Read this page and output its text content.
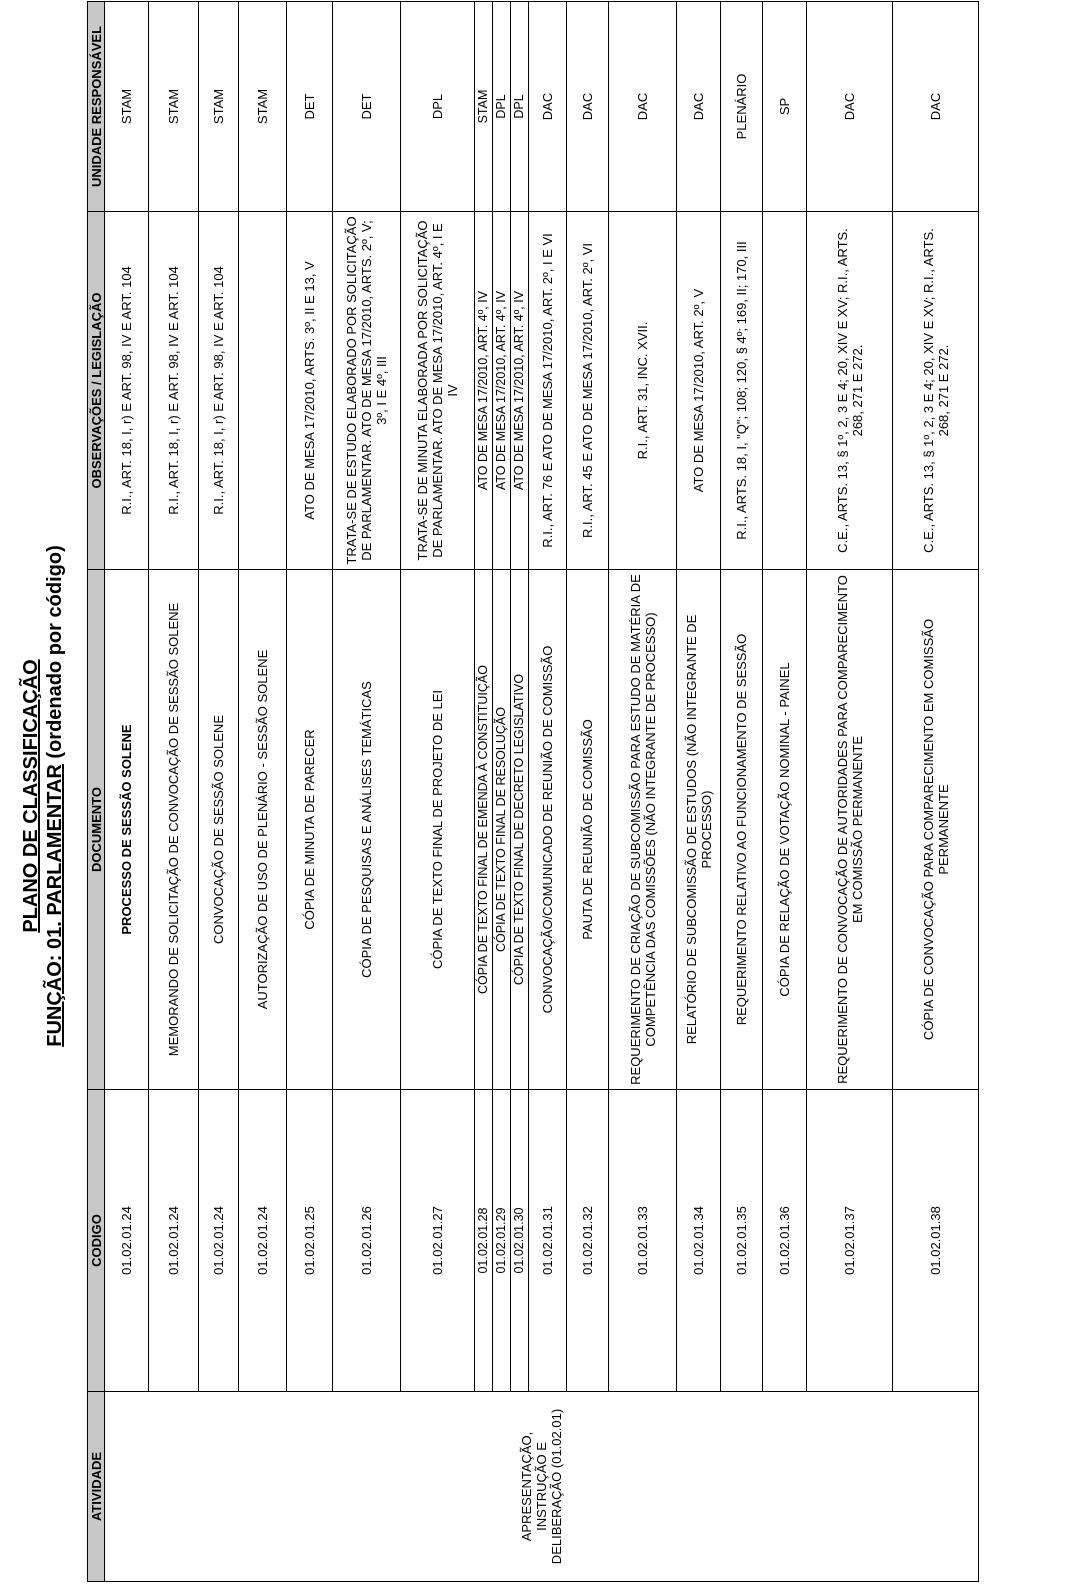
PLANO DE CLASSIFICAÇÃO FUNÇÃO: 01. PARLAMENTAR (ordenado por código)
ATIVIDADE	CODIGO	DOCUMENTO	OBSERVAÇÕES / LEGISLAÇÃO	UNIDADE RESPONSÁVEL
APRESENTAÇÃO, INSTRUÇÃO E DELIBERAÇÃO (01.02.01)	01.02.01.24	PROCESSO DE SESSÃO SOLENE	R.I., ART. 18, I, r) E ART. 98, IV E ART. 104	STAM
	01.02.01.24	MEMORANDO DE SOLICITAÇÃO DE CONVOCAÇÃO DE SESSÃO SOLENE	R.I., ART. 18, I, r) E ART. 98, IV E ART. 104	STAM
	01.02.01.24	CONVOCAÇÃO DE SESSÃO SOLENE	R.I., ART. 18, I, r) E ART. 98, IV E ART. 104	STAM
	01.02.01.24	AUTORIZAÇÃO DE USO DE PLENÁRIO - SESSÃO SOLENE		STAM
	01.02.01.25	CÓPIA DE MINUTA DE PARECER	ATO DE MESA 17/2010, ARTS. 3º, II E 13, V	DET
	01.02.01.26	CÓPIA DE PESQUISAS E ANÁLISES TEMÁTICAS	TRATA-SE DE ESTUDO ELABORADO POR SOLICITAÇÃO DE PARLAMENTAR. ATO DE MESA 17/2010, ARTS. 2º, V; 3º, I E 4º, III	DET
	01.02.01.27	CÓPIA DE TEXTO FINAL DE PROJETO DE LEI	TRATA-SE DE MINUTA ELABORADA POR SOLICITAÇÃO DE PARLAMENTAR. ATO DE MESA 17/2010, ART. 4º, I E IV	DPL
	01.02.01.28	CÓPIA DE TEXTO FINAL DE EMENDA À CONSTITUIÇÃO	ATO DE MESA 17/2010, ART. 4º, IV	STAM
	01.02.01.29	CÓPIA DE TEXTO FINAL DE RESOLUÇÃO	ATO DE MESA 17/2010, ART. 4º, IV	DPL
	01.02.01.30	CÓPIA DE TEXTO FINAL DE DECRETO LEGISLATIVO	ATO DE MESA 17/2010, ART. 4º, IV	DPL
	01.02.01.31	CONVOCAÇÃO/COMUNICADO DE REUNIÃO DE COMISSÃO	R.I., ART. 76 E ATO DE MESA 17/2010, ART. 2º, I E VI	DAC
	01.02.01.32	PAUTA DE REUNIÃO DE COMISSÃO	R.I., ART. 45 E ATO DE MESA 17/2010, ART. 2º, VI	DAC
	01.02.01.33	REQUERIMENTO DE CRIAÇÃO DE SUBCOMISSÃO PARA ESTUDO DE MATÉRIA DE COMPETÊNCIA DAS COMISSÕES (NÃO INTEGRANTE DE PROCESSO)	R.I., ART. 31, INC. XVII.	DAC
	01.02.01.34	RELATÓRIO DE SUBCOMISSÃO DE ESTUDOS (NÃO INTEGRANTE DE PROCESSO)	ATO DE MESA 17/2010, ART. 2º, V	DAC
	01.02.01.35	REQUERIMENTO RELATIVO AO FUNCIONAMENTO DE SESSÃO	R.I., ARTS. 18, I, "Q"; 108; 120, § 4º; 169, II; 170, III	PLENÁRIO
	01.02.01.36	CÓPIA DE RELAÇÃO DE VOTAÇÃO NOMINAL - PAINEL		SP
	01.02.01.37	REQUERIMENTO DE CONVOCAÇÃO DE AUTORIDADES PARA COMPARECIMENTO EM COMISSÃO PERMANENTE	C.E., ARTS. 13, § 1º, 2, 3 E 4; 20, XIV E XV; R.I., ARTS. 268, 271 E 272.	DAC
	01.02.01.38	CÓPIA DE CONVOCAÇÃO PARA COMPARECIMENTO EM COMISSÃO PERMANENTE	C.E., ARTS. 13, § 1º, 2, 3 E 4; 20, XIV E XV; R.I., ARTS. 268, 271 E 272.	DAC
